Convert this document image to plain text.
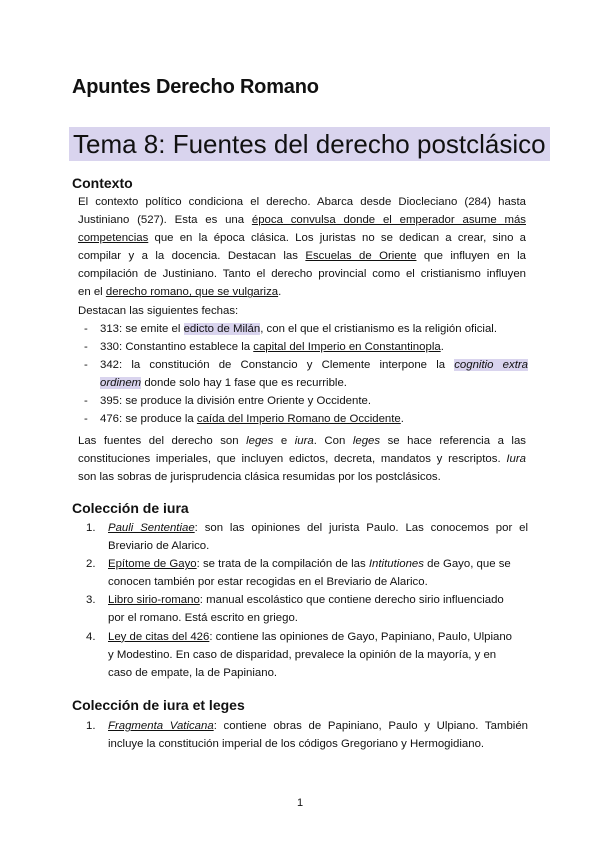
Apuntes Derecho Romano
Tema 8: Fuentes del derecho postclásico
Contexto
El contexto político condiciona el derecho. Abarca desde Diocleciano (284) hasta
Justiniano (527). Esta es una época convulsa donde el emperador asume más
competencias que en la época clásica. Los juristas no se dedican a crear, sino a
compilar y a la docencia. Destacan las Escuelas de Oriente que influyen en la
compilación de Justiniano. Tanto el derecho provincial como el cristianismo influyen
en el derecho romano, que se vulgariza.
Destacan las siguientes fechas:
- 313: se emite el edicto de Milán, con el que el cristianismo es la religión oficial.
- 330: Constantino establece la capital del Imperio en Constantinopla.
- 342: la constitución de Constancio y Clemente interpone la cognitio extra
ordinem donde solo hay 1 fase que es recurrible.
- 395: se produce la división entre Oriente y Occidente.
- 476: se produce la caída del Imperio Romano de Occidente.
Las fuentes del derecho son leges e iura. Con leges se hace referencia a las
constituciones imperiales, que incluyen edictos, decreta, mandatos y rescriptos. Iura
son las sobras de jurisprudencia clásica resumidas por los postclásicos.
Colección de iura
1. Pauli Sententiae: son las opiniones del jurista Paulo. Las conocemos por el
Breviario de Alarico.
2. Epítome de Gayo: se trata de la compilación de las Intitutiones de Gayo, que se
conocen también por estar recogidas en el Breviario de Alarico.
3. Libro sirio-romano: manual escolástico que contiene derecho sirio influenciado
por el romano. Está escrito en griego.
4. Ley de citas del 426: contiene las opiniones de Gayo, Papiniano, Paulo, Ulpiano
y Modestino. En caso de disparidad, prevalece la opinión de la mayoría, y en
caso de empate, la de Papiniano.
Colección de iura et leges
1. Fragmenta Vaticana: contiene obras de Papiniano, Paulo y Ulpiano. También
incluye la constitución imperial de los códigos Gregoriano y Hermogidiano.
1
